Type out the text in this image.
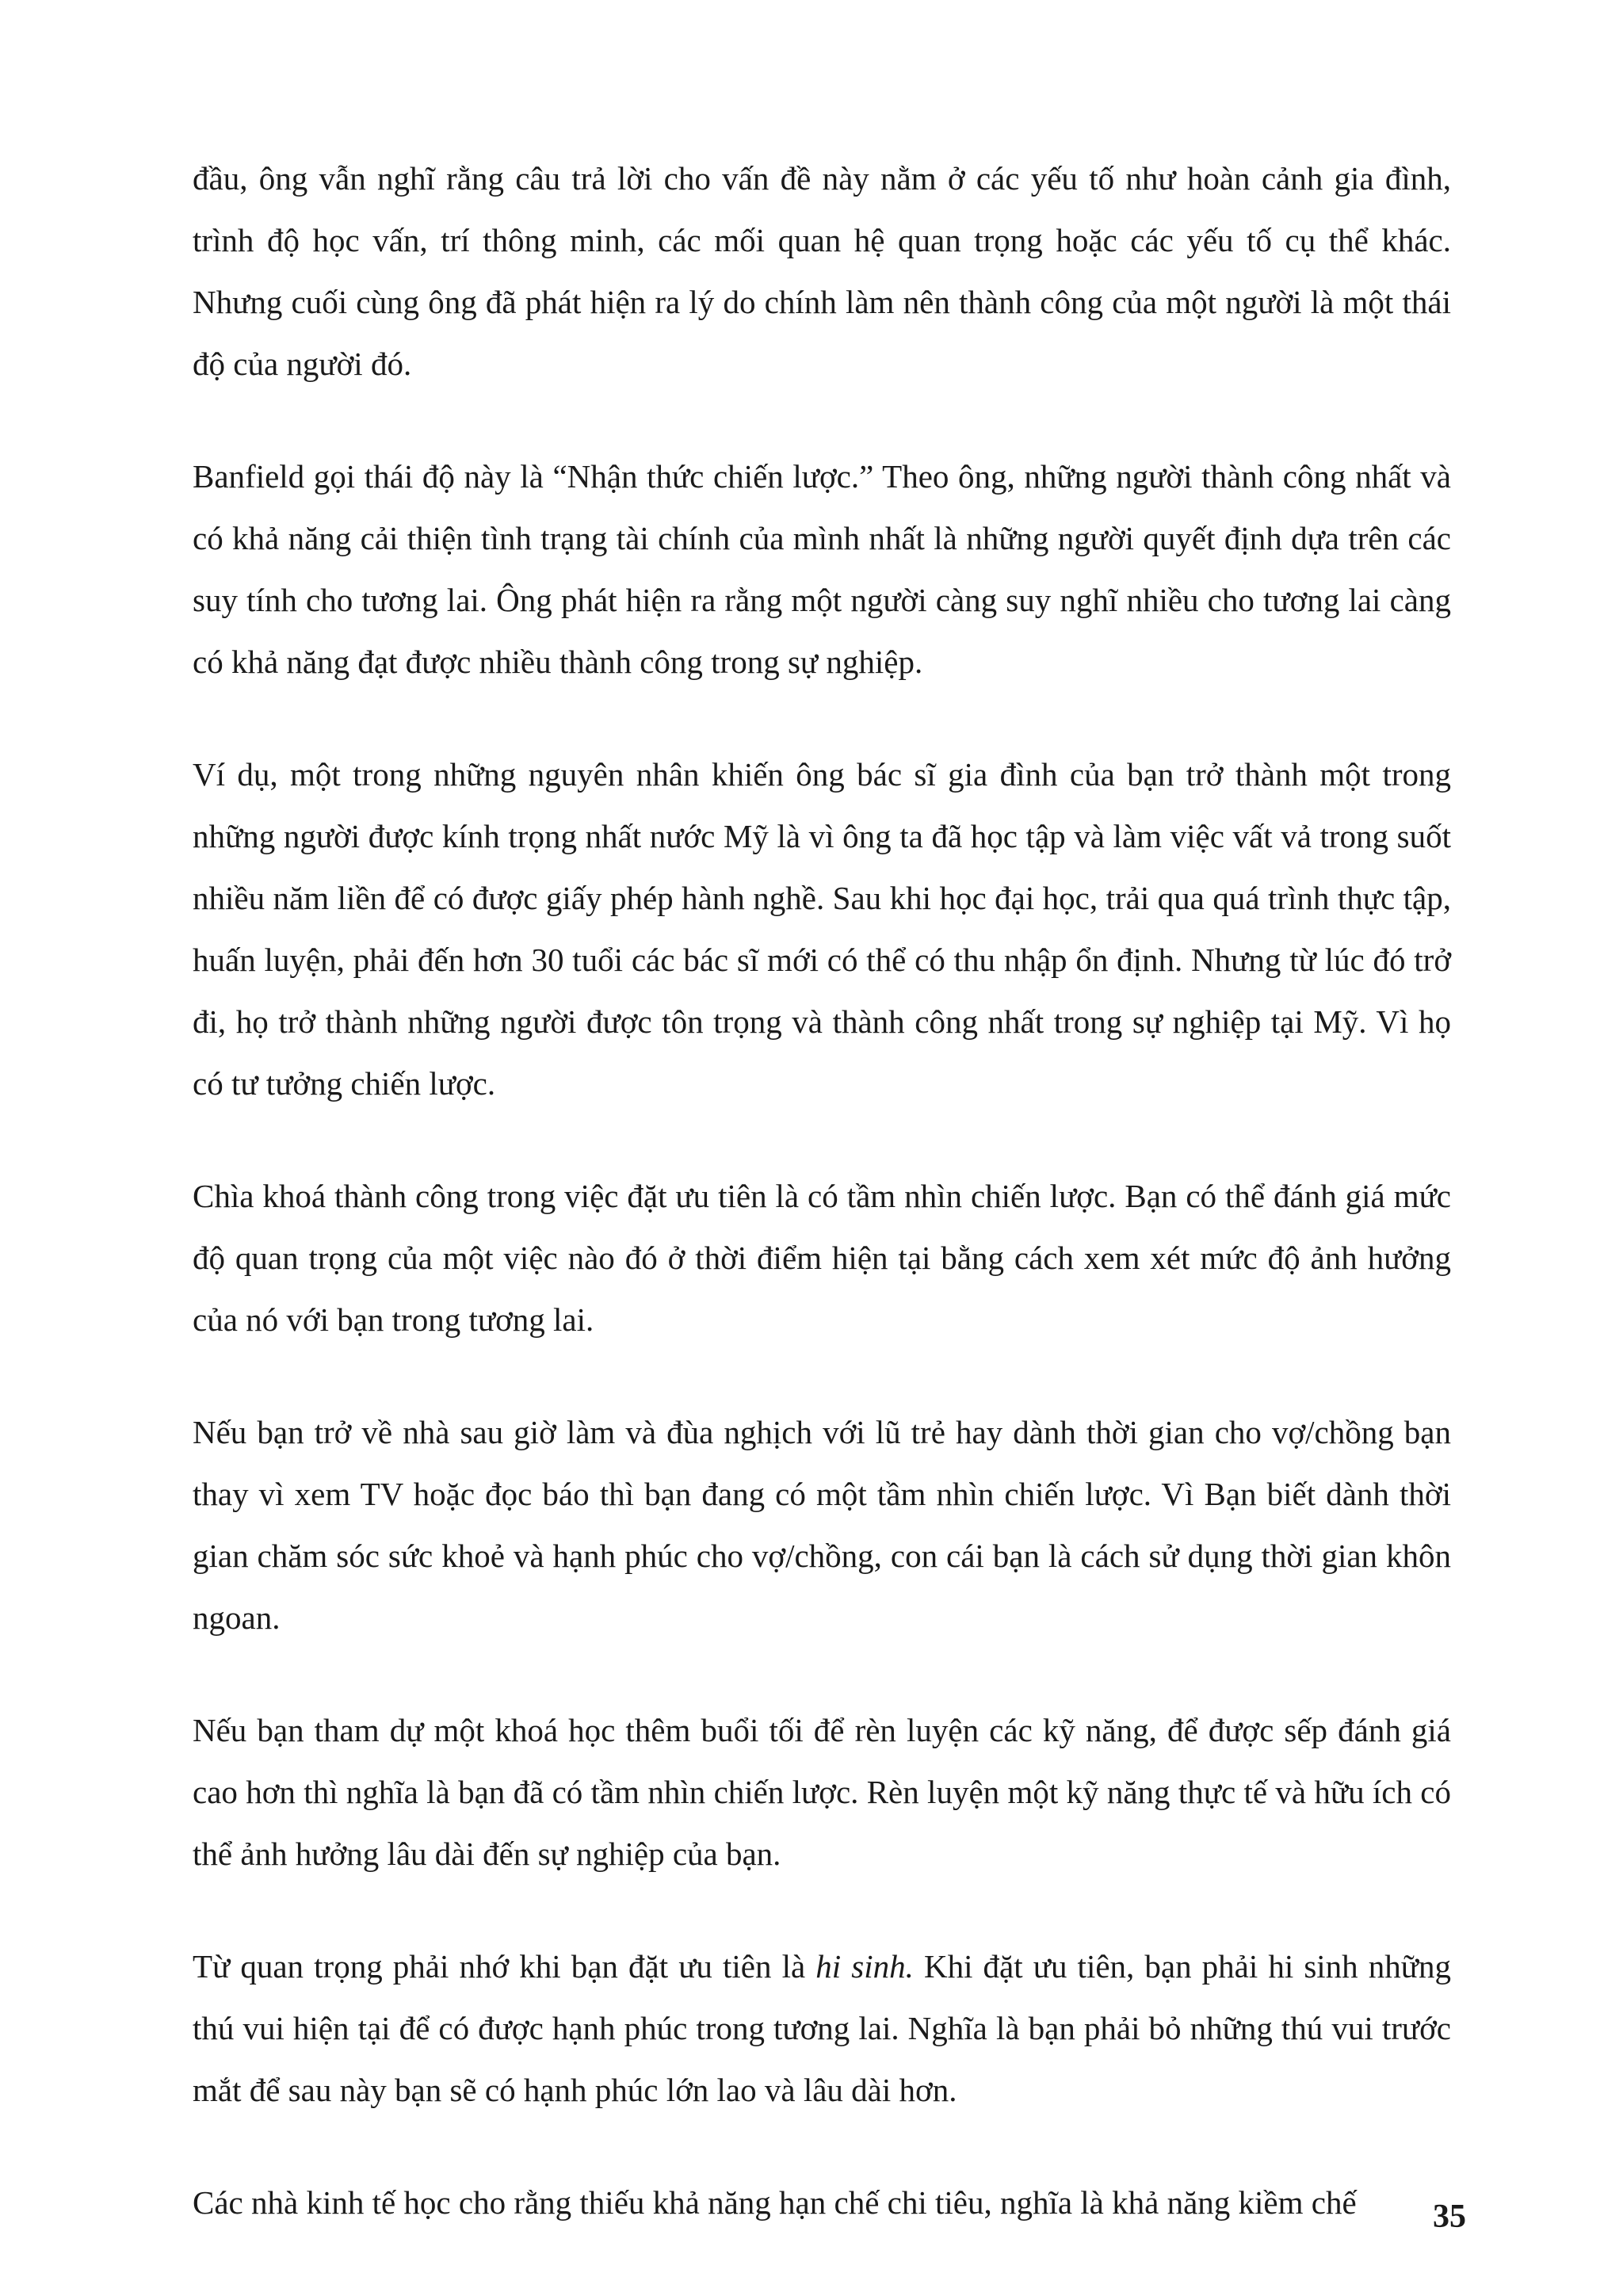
đầu, ông vẫn nghĩ rằng câu trả lời cho vấn đề này nằm ở các yếu tố như hoàn cảnh gia đình, trình độ học vấn, trí thông minh, các mối quan hệ quan trọng hoặc các yếu tố cụ thể khác. Nhưng cuối cùng ông đã phát hiện ra lý do chính làm nên thành công của một người là một thái độ của người đó.

Banfield gọi thái độ này là “Nhận thức chiến lược.” Theo ông, những người thành công nhất và có khả năng cải thiện tình trạng tài chính của mình nhất là những người quyết định dựa trên các suy tính cho tương lai. Ông phát hiện ra rằng một người càng suy nghĩ nhiều cho tương lai càng có khả năng đạt được nhiều thành công trong sự nghiệp.

Ví dụ, một trong những nguyên nhân khiến ông bác sĩ gia đình của bạn trở thành một trong những người được kính trọng nhất nước Mỹ là vì ông ta đã học tập và làm việc vất vả trong suốt nhiều năm liền để có được giấy phép hành nghề. Sau khi học đại học, trải qua quá trình thực tập, huấn luyện, phải đến hơn 30 tuổi các bác sĩ mới có thể có thu nhập ổn định. Nhưng từ lúc đó trở đi, họ trở thành những người được tôn trọng và thành công nhất trong sự nghiệp tại Mỹ. Vì họ có tư tưởng chiến lược.

Chìa khoá thành công trong việc đặt ưu tiên là có tầm nhìn chiến lược. Bạn có thể đánh giá mức độ quan trọng của một việc nào đó ở thời điểm hiện tại bằng cách xem xét mức độ ảnh hưởng của nó với bạn trong tương lai.

Nếu bạn trở về nhà sau giờ làm và đùa nghịch với lũ trẻ hay dành thời gian cho vợ/chồng bạn thay vì xem TV hoặc đọc báo thì bạn đang có một tầm nhìn chiến lược. Vì Bạn biết dành thời gian chăm sóc sức khoẻ và hạnh phúc cho vợ/chồng, con cái bạn là cách sử dụng thời gian khôn ngoan.

Nếu bạn tham dự một khoá học thêm buổi tối để rèn luyện các kỹ năng, để được sếp đánh giá cao hơn thì nghĩa là bạn đã có tầm nhìn chiến lược. Rèn luyện một kỹ năng thực tế và hữu ích có thể ảnh hưởng lâu dài đến sự nghiệp của bạn.

Từ quan trọng phải nhớ khi bạn đặt ưu tiên là hi sinh. Khi đặt ưu tiên, bạn phải hi sinh những thú vui hiện tại để có được hạnh phúc trong tương lai. Nghĩa là bạn phải bỏ những thú vui trước mắt để sau này bạn sẽ có hạnh phúc lớn lao và lâu dài hơn.

Các nhà kinh tế học cho rằng thiếu khả năng hạn chế chi tiêu, nghĩa là khả năng kiềm chế	35
